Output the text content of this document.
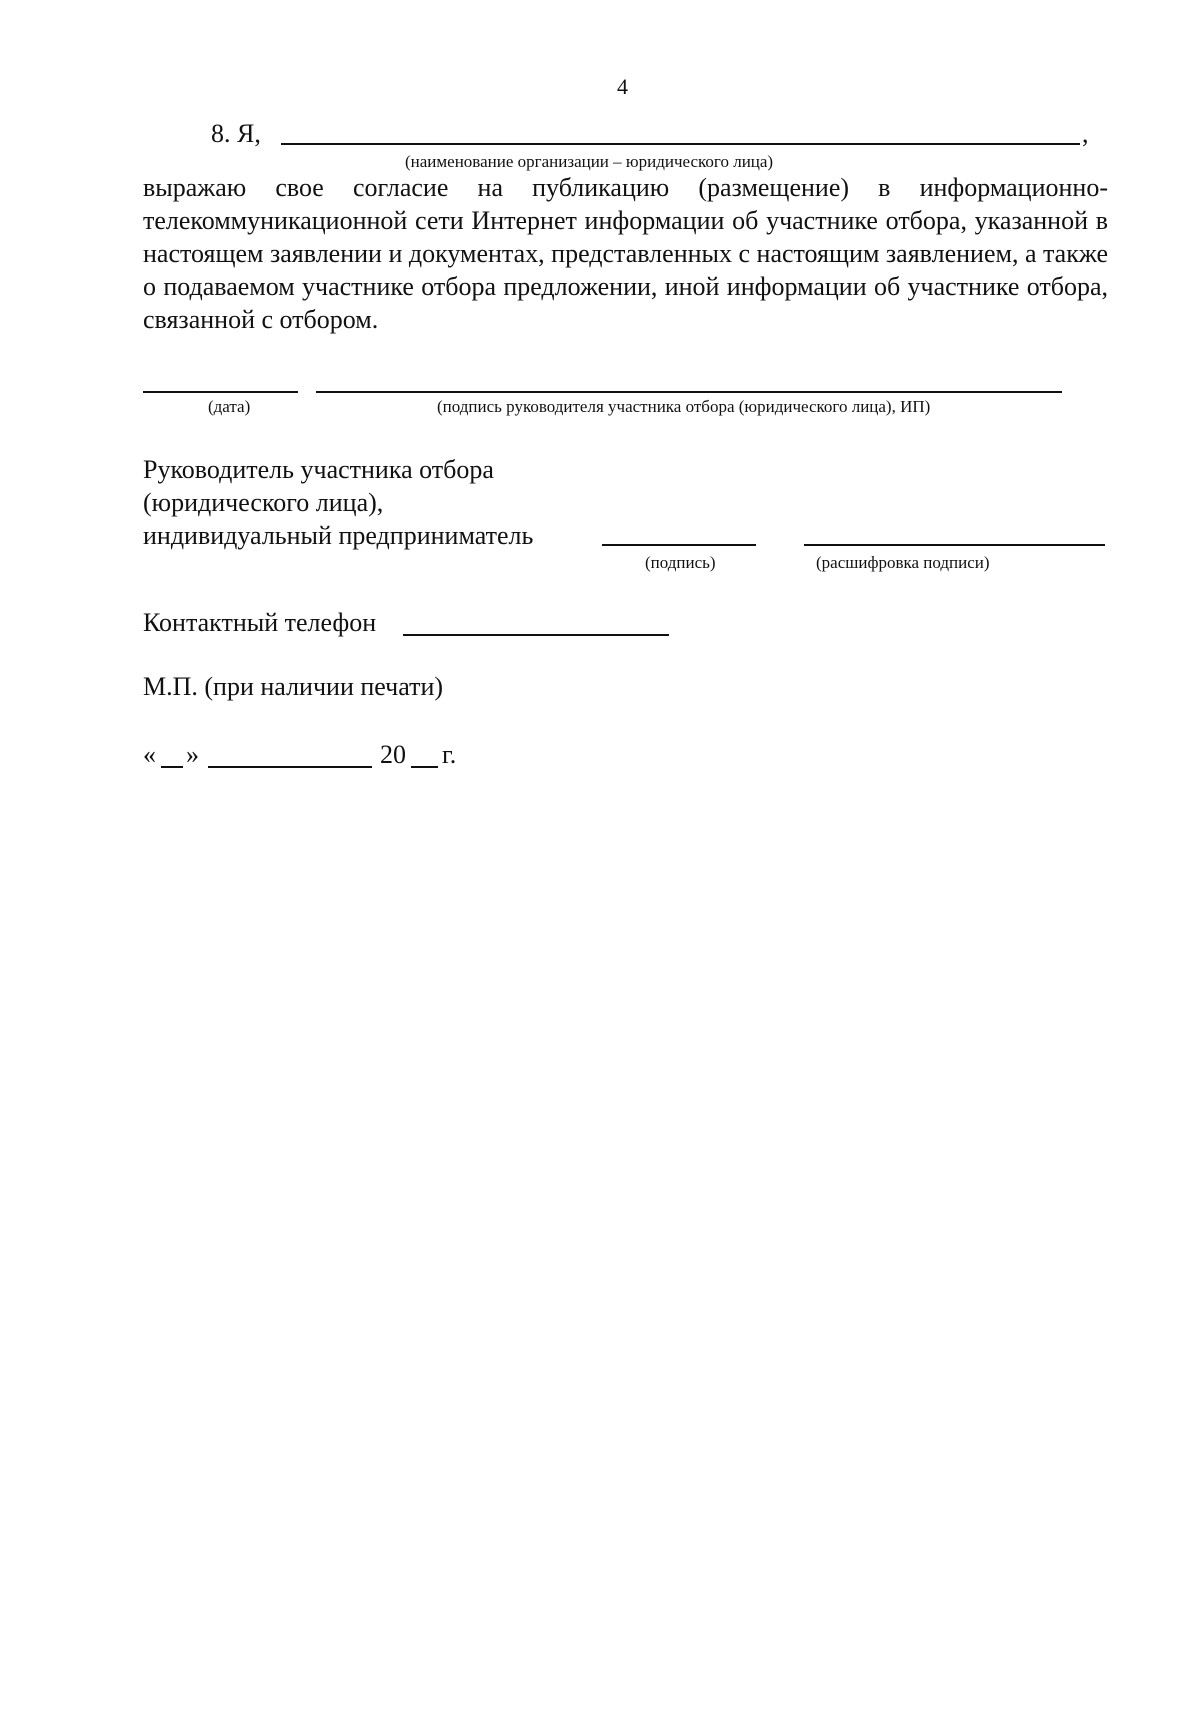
4
8. Я,	,
(наименование организации – юридического лица)
выражаю свое согласие на публикацию (размещение) в информационно-телекоммуникационной сети Интернет информации об участнике отбора, указанной в настоящем заявлении и документах, представленных с настоящим заявлением, а также о подаваемом участнике отбора предложении, иной информации об участнике отбора, связанной с отбором.
(дата)	(подпись руководителя участника отбора (юридического лица), ИП)
Руководитель участника отбора
(юридического лица),
индивидуальный предприниматель
(подпись)	(расшифровка подписи)
Контактный телефон
М.П. (при наличии печати)
« »	20 г.
